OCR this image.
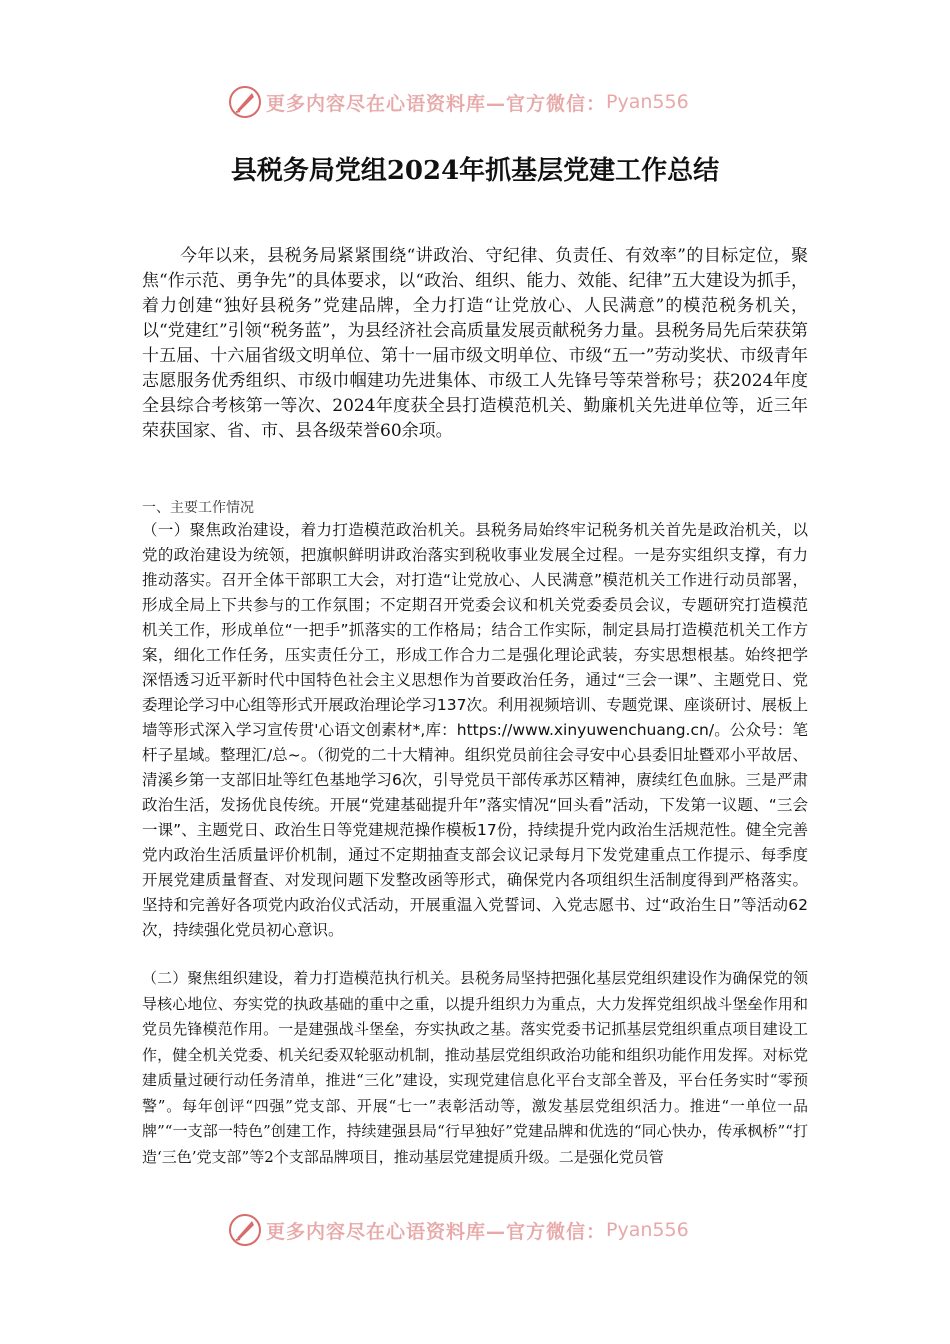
更多内容尽在心语资料库—官方微信： Pyan556
县税务局党组2024年抓基层党建工作总结

今年以来，县税务局紧紧围绕“讲政治、守纪律、负责任、有效率”的目标定位，聚焦“作示范、勇争先”的具体要求，以“政治、组织、能力、效能、纪律”五大建设为抓手，着力创建“独好县税务”党建品牌，全力打造“让党放心、人民满意”的模范税务机关，以“党建红”引领“税务蓝”，为县经济社会高质量发展贡献税务力量。县税务局先后荣获第十五届、十六届省级文明单位、第十一届市级文明单位、市级“五一”劳动奖状、市级青年志愿服务优秀组织、市级巾帼建功先进集体、市级工人先锋号等荣誉称号；获2024年度全县综合考核第一等次、2024年度获全县打造模范机关、勤廉机关先进单位等，近三年荣获国家、省、市、县各级荣誉60余项。

一、主要工作情况

（一）聚焦政治建设，着力打造模范政治机关。县税务局始终牢记税务机关首先是政治机关，以党的政治建设为统领，把旗帜鲜明讲政治落实到税收事业发展全过程。一是夯实组织支撑，有力推动落实。召开全体干部职工大会，对打造“让党放心、人民满意”模范机关工作进行动员部署，形成全局上下共参与的工作氛围；不定期召开党委会议和机关党委委员会议，专题研究打造模范机关工作，形成单位“一把手”抓落实的工作格局；结合工作实际，制定县局打造模范机关工作方案，细化工作任务，压实责任分工，形成工作合力二是强化理论武装，夯实思想根基。始终把学深悟透习近平新时代中国特色社会主义思想作为首要政治任务，通过“三会一课”、主题党日、党委理论学习中心组等形式开展政治理论学习137次。利用视频培训、专题党课、座谈研讨、展板上墙等形式深入学习宣传贯'心语文创素材*,库：https://www.xinyuwenchuang.cn/。公众号：笔杆子星域。整理汇/总~。（彻党的二十大精神。组织党员前往会寻安中心县委旧址暨邓小平故居、清溪乡第一支部旧址等红色基地学习6次，引导党员干部传承苏区精神，赓续红色血脉。三是严肃政治生活，发扬优良传统。开展“党建基础提升年”落实情况“回头看”活动，下发第一议题、“三会一课”、主题党日、政治生日等党建规范操作模板17份，持续提升党内政治生活规范性。健全完善党内政治生活质量评价机制，通过不定期抽查支部会议记录每月下发党建重点工作提示、每季度开展党建质量督查、对发现问题下发整改函等形式，确保党内各项组织生活制度得到严格落实。坚持和完善好各项党内政治仪式活动，开展重温入党誓词、入党志愿书、过“政治生日”等活动62次，持续强化党员初心意识。

（二）聚焦组织建设，着力打造模范执行机关。县税务局坚持把强化基层党组织建设作为确保党的领导核心地位、夯实党的执政基础的重中之重，以提升组织力为重点，大力发挥党组织战斗堡垒作用和党员先锋模范作用。一是建强战斗堡垒，夯实执政之基。落实党委书记抓基层党组织重点项目建设工作，健全机关党委、机关纪委双轮驱动机制，推动基层党组织政治功能和组织功能作用发挥。对标党建质量过硬行动任务清单，推进“三化”建设，实现党建信息化平台支部全普及，平台任务实时“零预警”。每年创评“四强”党支部、开展“七一”表彰活动等，激发基层党组织活力。推进“一单位一品牌”“一支部一特色”创建工作，持续建强县局“行早独好”党建品牌和优选的“同心快办，传承枫桥”“打造‘三色’党支部”等2个支部品牌项目，推动基层党建提质升级。二是强化党员管

更多内容尽在心语资料库—官方微信： Pyan556
